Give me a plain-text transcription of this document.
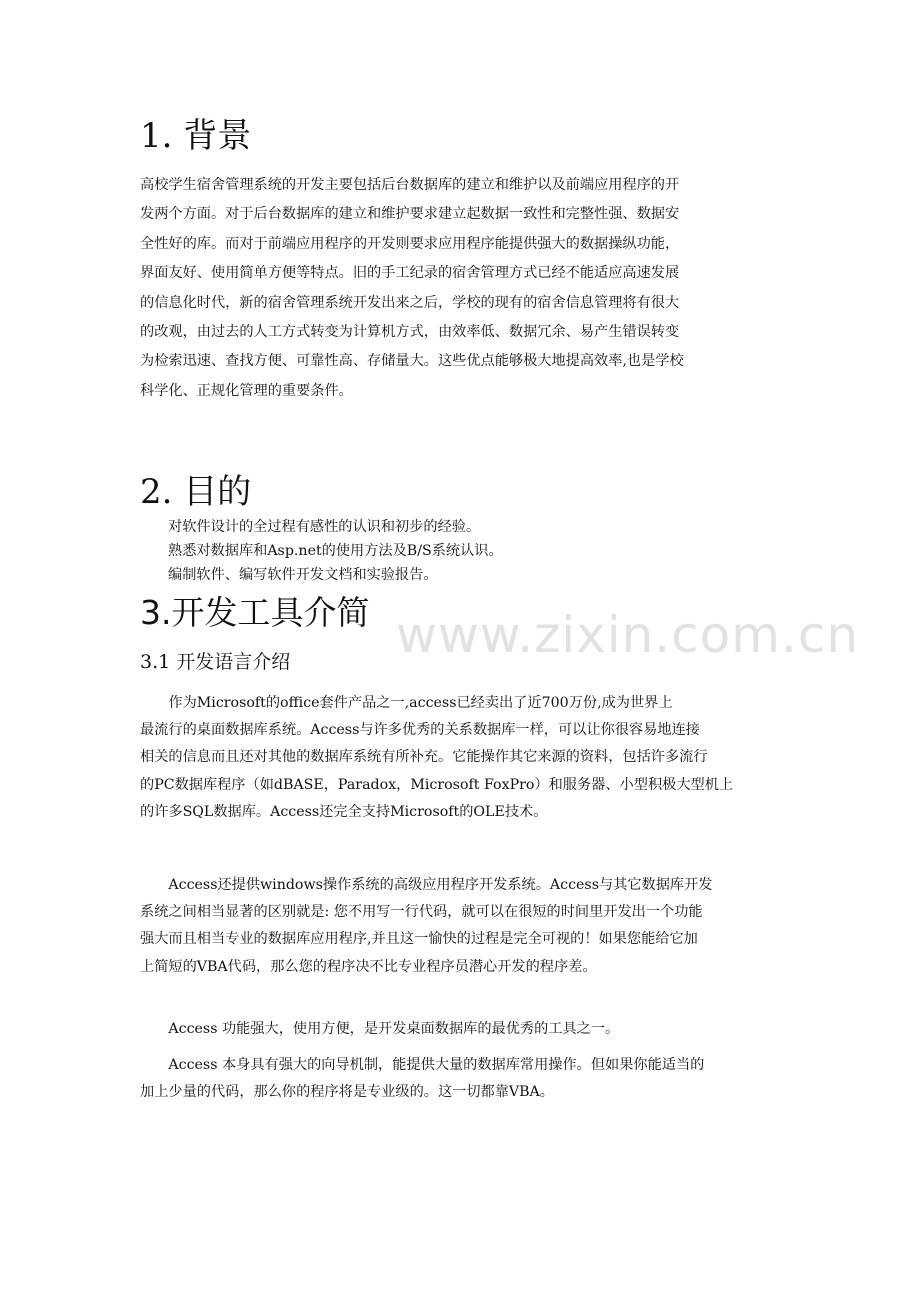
1. 背景
高校学生宿舍管理系统的开发主要包括后台数据库的建立和维护以及前端应用程序的开
发两个方面。对于后台数据库的建立和维护要求建立起数据一致性和完整性强、数据安
全性好的库。而对于前端应用程序的开发则要求应用程序能提供强大的数据操纵功能，
界面友好、使用简单方便等特点。旧的手工纪录的宿舍管理方式已经不能适应高速发展
的信息化时代，新的宿舍管理系统开发出来之后，学校的现有的宿舍信息管理将有很大
的改观，由过去的人工方式转变为计算机方式，由效率低、数据冗余、易产生错误转变
为检索迅速、查找方便、可靠性高、存储量大。这些优点能够极大地提高效率,也是学校
科学化、正规化管理的重要条件。
2. 目的
对软件设计的全过程有感性的认识和初步的经验。
熟悉对数据库和Asp.net的使用方法及B/S系统认识。
编制软件、编写软件开发文档和实验报告。
3.开发工具介简 www.zixin.com.cn
3.1 开发语言介绍
　　作为Microsoft的office套件产品之一,access已经卖出了近700万份,成为世界上
最流行的桌面数据库系统。Access与许多优秀的关系数据库一样，可以让你很容易地连接
相关的信息而且还对其他的数据库系统有所补充。它能操作其它来源的资料，包括许多流行
的PC数据库程序（如dBASE，Paradox，Microsoft FoxPro）和服务器、小型积极大型机上
的许多SQL数据库。Access还完全支持Microsoft的OLE技术。
　　Access还提供windows操作系统的高级应用程序开发系统。Access与其它数据库开发
系统之间相当显著的区别就是: 您不用写一行代码，就可以在很短的时间里开发出一个功能
强大而且相当专业的数据库应用程序,并且这一愉快的过程是完全可视的！如果您能给它加
上简短的VBA代码，那么您的程序决不比专业程序员潜心开发的程序差。
　　Access 功能强大，使用方便，是开发桌面数据库的最优秀的工具之一。
　　Access 本身具有强大的向导机制，能提供大量的数据库常用操作。但如果你能适当的
加上少量的代码，那么你的程序将是专业级的。这一切都靠VBA。
